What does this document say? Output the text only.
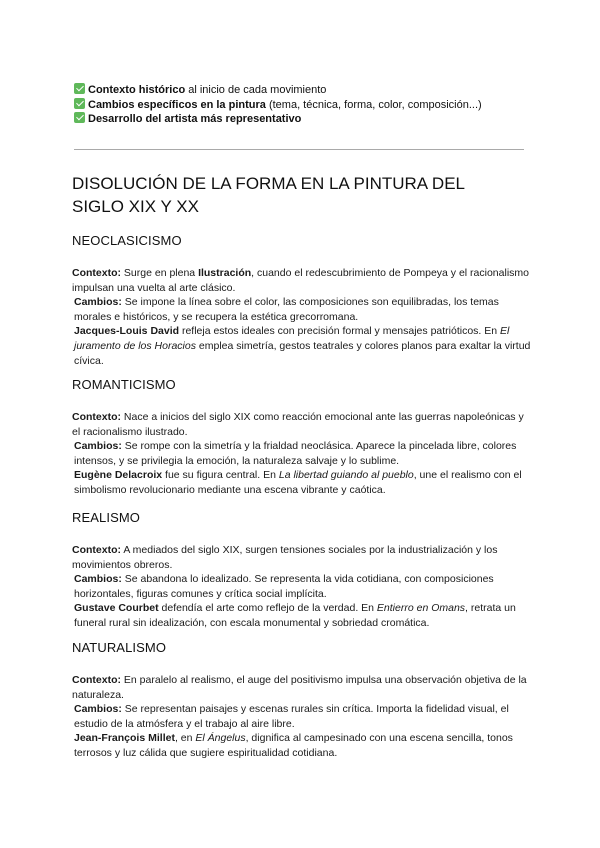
Contexto histórico al inicio de cada movimiento
Cambios específicos en la pintura (tema, técnica, forma, color, composición...)
Desarrollo del artista más representativo
DISOLUCIÓN DE LA FORMA EN LA PINTURA DEL SIGLO XIX Y XX
NEOCLASICISMO

Contexto: Surge en plena Ilustración, cuando el redescubrimiento de Pompeya y el racionalismo impulsan una vuelta al arte clásico.

Cambios: Se impone la línea sobre el color, las composiciones son equilibradas, los temas morales e históricos, y se recupera la estética grecorromana.

Jacques-Louis David refleja estos ideales con precisión formal y mensajes patrióticos. En El juramento de los Horacios emplea simetría, gestos teatrales y colores planos para exaltar la virtud cívica.

ROMANTICISMO

Contexto: Nace a inicios del siglo XIX como reacción emocional ante las guerras napoleónicas y el racionalismo ilustrado.

Cambios: Se rompe con la simetría y la frialdad neoclásica. Aparece la pincelada libre, colores intensos, y se privilegia la emoción, la naturaleza salvaje y lo sublime.

Eugène Delacroix fue su figura central. En La libertad guiando al pueblo, une el realismo con el simbolismo revolucionario mediante una escena vibrante y caótica.

REALISMO

Contexto: A mediados del siglo XIX, surgen tensiones sociales por la industrialización y los movimientos obreros.

Cambios: Se abandona lo idealizado. Se representa la vida cotidiana, con composiciones horizontales, figuras comunes y crítica social implícita.

Gustave Courbet defendía el arte como reflejo de la verdad. En Entierro en Omans, retrata un funeral rural sin idealización, con escala monumental y sobriedad cromática.

NATURALISMO

Contexto: En paralelo al realismo, el auge del positivismo impulsa una observación objetiva de la naturaleza.

Cambios: Se representan paisajes y escenas rurales sin crítica. Importa la fidelidad visual, el estudio de la atmósfera y el trabajo al aire libre.

Jean-François Millet, en El Ángelus, dignifica al campesinado con una escena sencilla, tonos terrosos y luz cálida que sugiere espiritualidad cotidiana.
